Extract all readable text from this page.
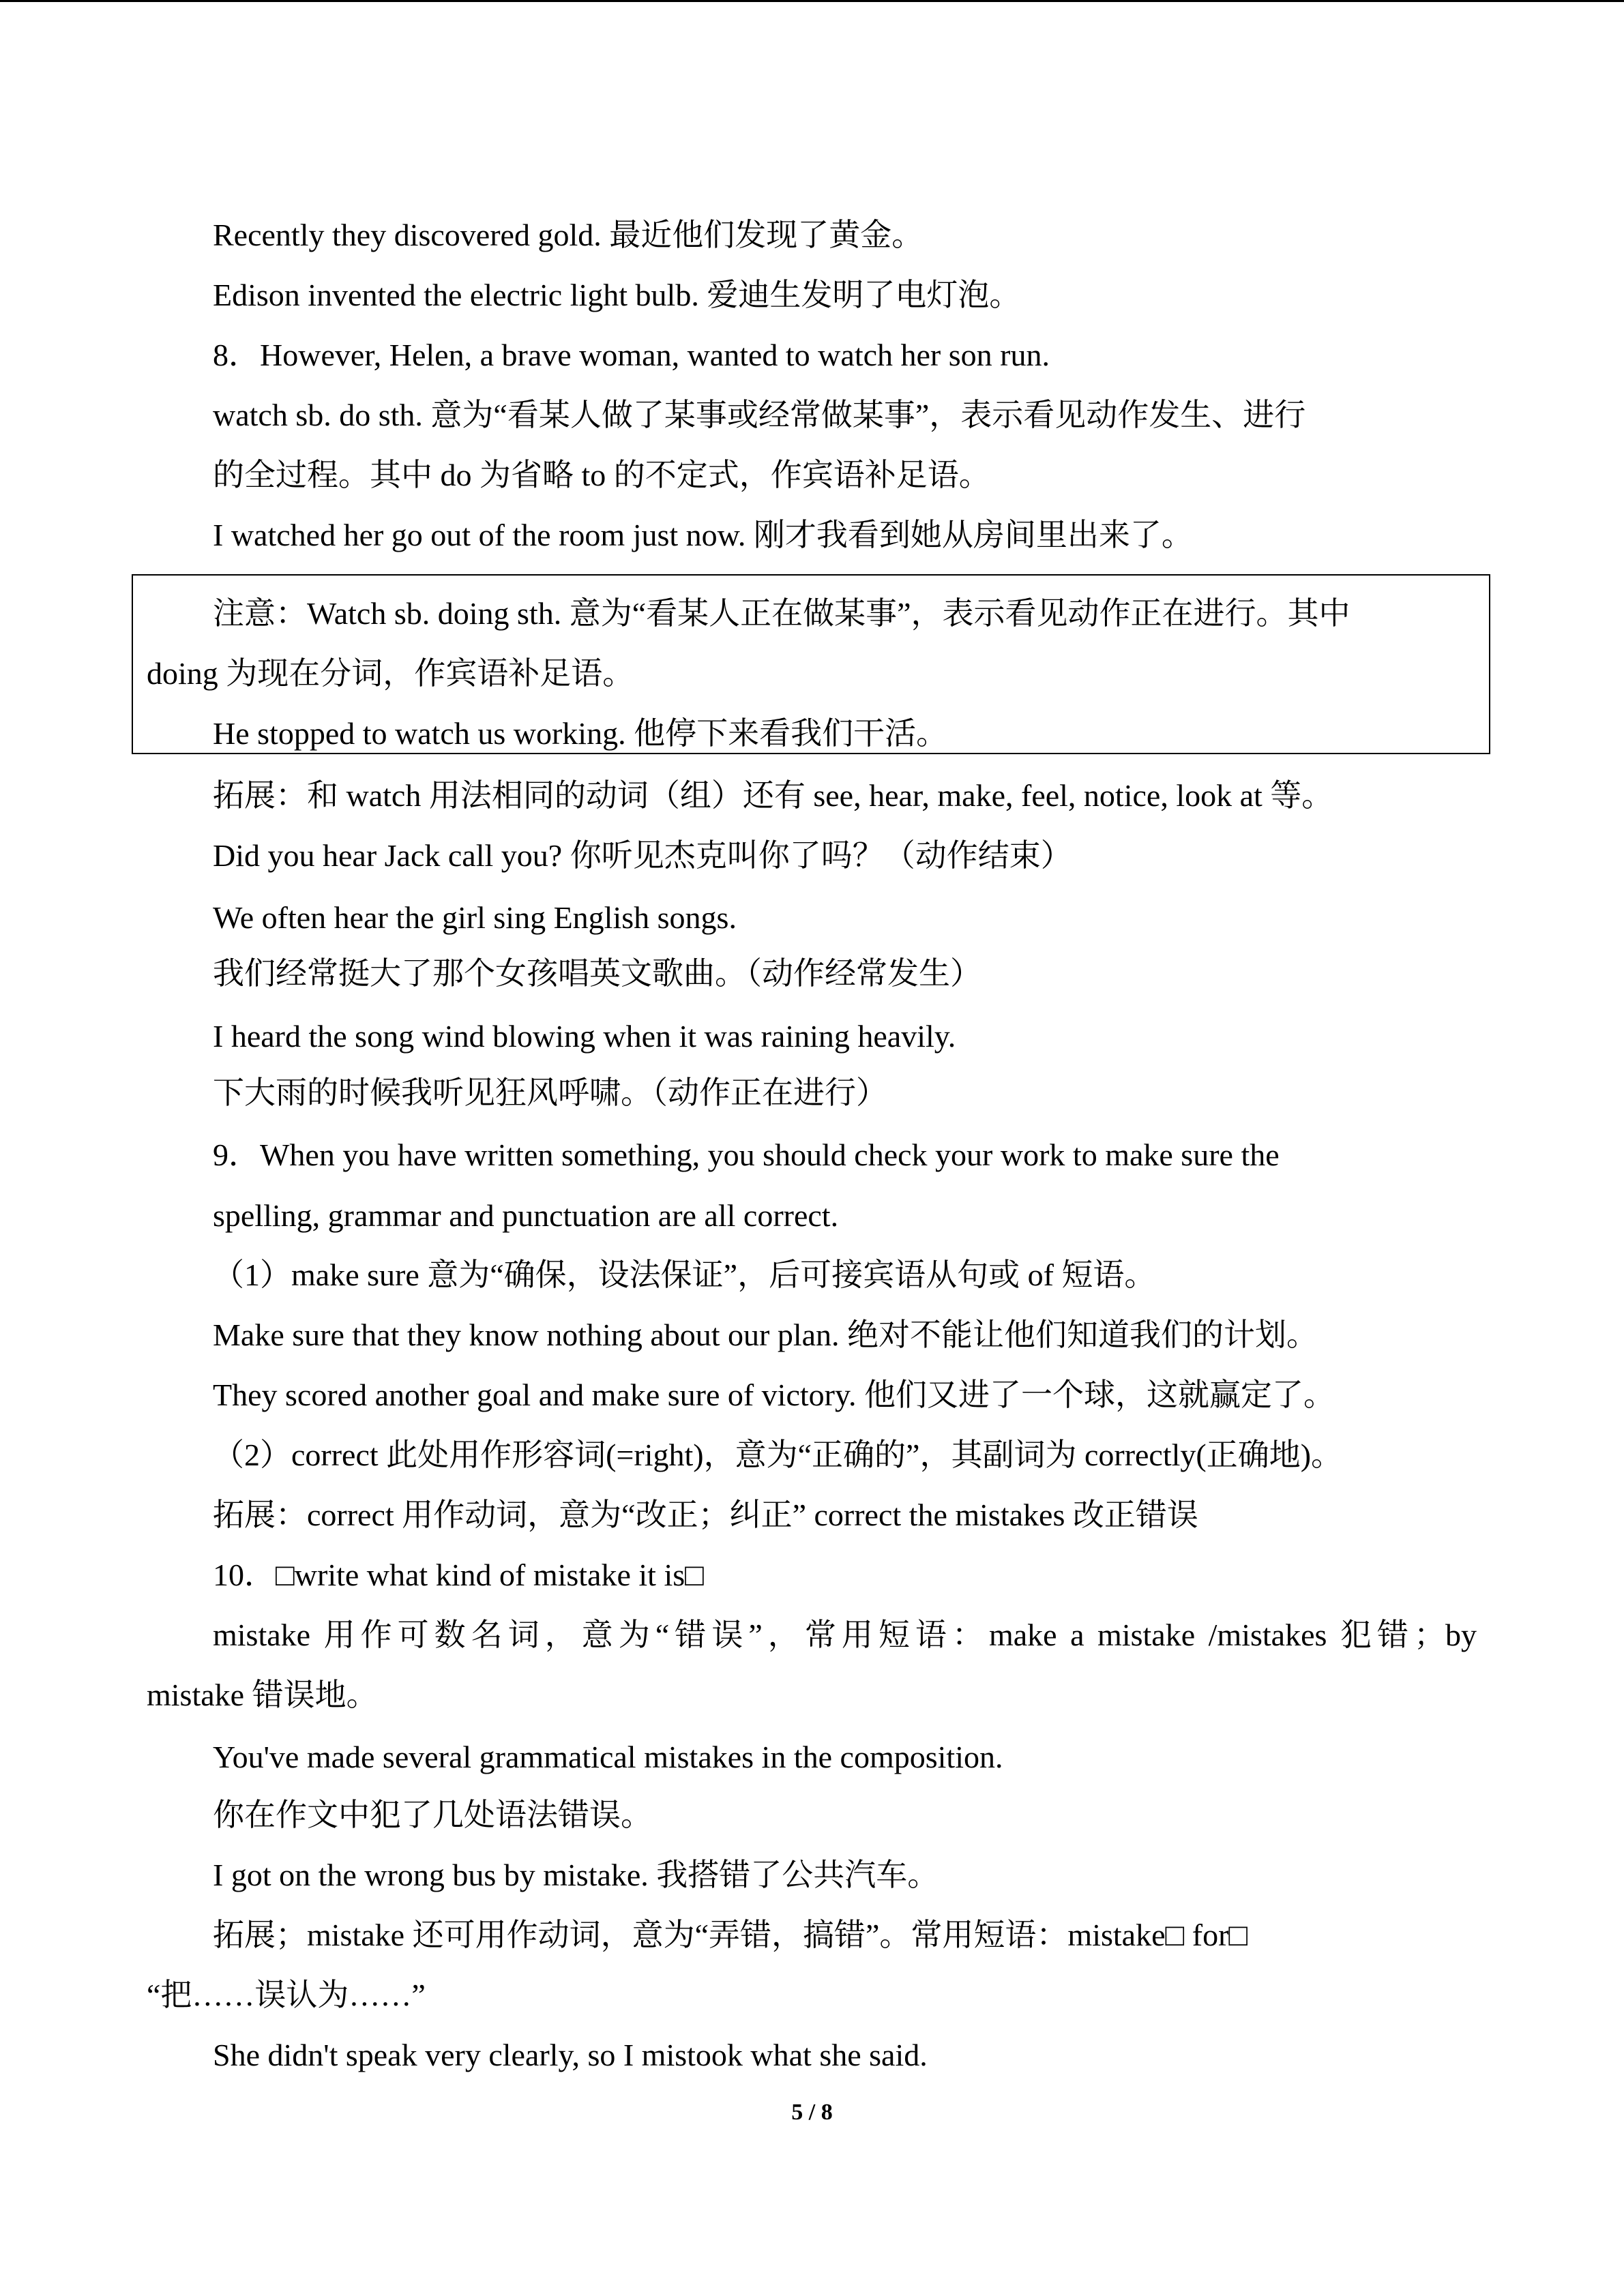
Recently they discovered gold. 最近他们发现了黄金。
Edison invented the electric light bulb. 爱迪生发明了电灯泡。
8．However, Helen, a brave woman, wanted to watch her son run.
watch sb. do sth. 意为“看某人做了某事或经常做某事”，表示看见动作发生、进行
的全过程。其中 do 为省略 to 的不定式，作宾语补足语。
I watched her go out of the room just now. 刚才我看到她从房间里出来了。
注意：Watch sb. doing sth. 意为“看某人正在做某事”，表示看见动作正在进行。其中
doing 为现在分词，作宾语补足语。
He stopped to watch us working. 他停下来看我们干活。
拓展：和 watch 用法相同的动词（组）还有 see, hear, make, feel, notice, look at 等。
Did you hear Jack call you? 你听见杰克叫你了吗？（动作结束）
We often hear the girl sing English songs.
我们经常挺大了那个女孩唱英文歌曲。（动作经常发生）
I heard the song wind blowing when it was raining heavily.
下大雨的时候我听见狂风呼啸。（动作正在进行）
9．When you have written something, you should check your work to make sure the
spelling, grammar and punctuation are all correct.
（1）make sure 意为“确保，设法保证”，后可接宾语从句或 of 短语。
Make sure that they know nothing about our plan. 绝对不能让他们知道我们的计划。
They scored another goal and make sure of victory. 他们又进了一个球，这就赢定了。
（2）correct 此处用作形容词(=right)，意为“正确的”，其副词为 correctly(正确地)。
拓展：correct 用作动词，意为“改正；纠正” correct the mistakes 改正错误
10．□write what kind of mistake it is□
mistake 用作可数名词，意为“错误”，常用短语：make a mistake /mistakes 犯错；by
mistake 错误地。
You've made several grammatical mistakes in the composition.
你在作文中犯了几处语法错误。
I got on the wrong bus by mistake. 我搭错了公共汽车。
拓展；mistake 还可用作动词，意为“弄错，搞错”。常用短语：mistake□ for□
“把……误认为……”
She didn't speak very clearly, so I mistook what she said.
5 / 8
